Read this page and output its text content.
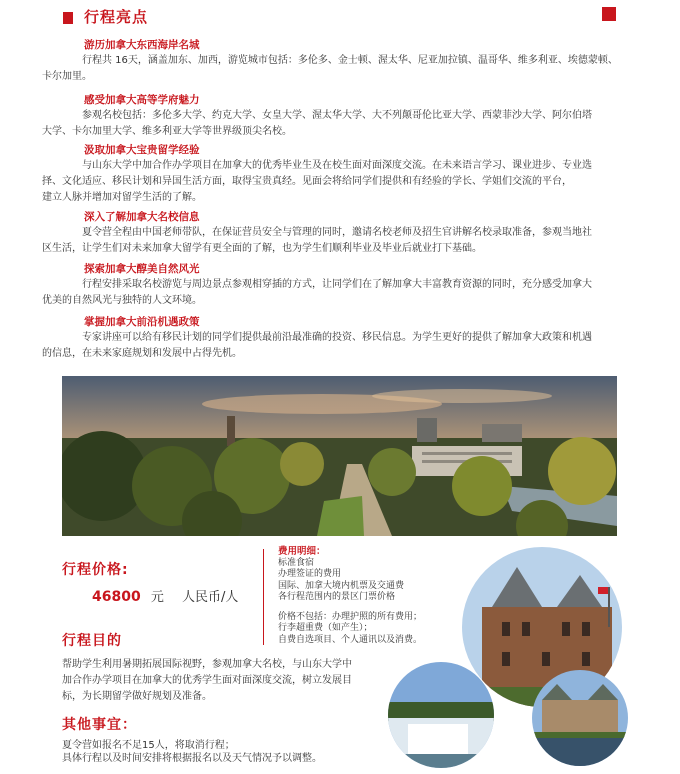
行程亮点
游历加拿大东西海岸名城
行程共 16天，涵盖加东、加西，游览城市包括：多伦多、金士顿、渥太华、尼亚加拉镇、温哥华、维多利亚、埃德蒙顿、
卡尔加里。
感受加拿大高等学府魅力
参观名校包括：多伦多大学、约克大学、女皇大学、渥太华大学、大不列颠哥伦比亚大学、西蒙菲沙大学、阿尔伯塔
大学、卡尔加里大学、维多利亚大学等世界级顶尖名校。
汲取加拿大宝贵留学经验
与山东大学中加合作办学项目在加拿大的优秀毕业生及在校生面对面深度交流。在未来语言学习、课业进步、专业选
择、文化适应、移民计划和异国生活方面，取得宝贵真经。见面会将给同学们提供和有经验的学长、学姐们交流的平台，
建立人脉并增加对留学生活的了解。
深入了解加拿大名校信息
夏令营全程由中国老师带队，在保证营员安全与管理的同时，邀请名校老师及招生官讲解名校录取准备，参观当地社
区生活，让学生们对未来加拿大留学有更全面的了解，也为学生们顺利毕业及毕业后就业打下基础。
探索加拿大醇美自然风光
行程安排采取名校游览与周边景点参观相穿插的方式，让同学们在了解加拿大丰富教育资源的同时，充分感受加拿大
优美的自然风光与独特的人文环境。
掌握加拿大前沿机遇政策
专家讲座可以给有移民计划的同学们提供最前沿最准确的投资、移民信息。为学生更好的提供了解加拿大政策和机遇
的信息，在未来家庭规划和发展中占得先机。
行程价格:
46800 元 人民币/人
费用明细：
标准食宿
办理签证的费用
国际、加拿大境内机票及交通费
各行程范围内的景区门票价格
价格不包括：办理护照的所有费用；
行李超重费（如产生）；
自费自选项目、个人通讯以及消费。
行程目的
帮助学生利用暑期拓展国际视野，参观加拿大名校，与山东大学中
加合作办学项目在加拿大的优秀学生面对面深度交流，树立发展目
标，为长期留学做好规划及准备。
其他事宜：
夏令营如报名不足15人，将取消行程；
具体行程以及时间安排将根据报名以及天气情况予以调整。
